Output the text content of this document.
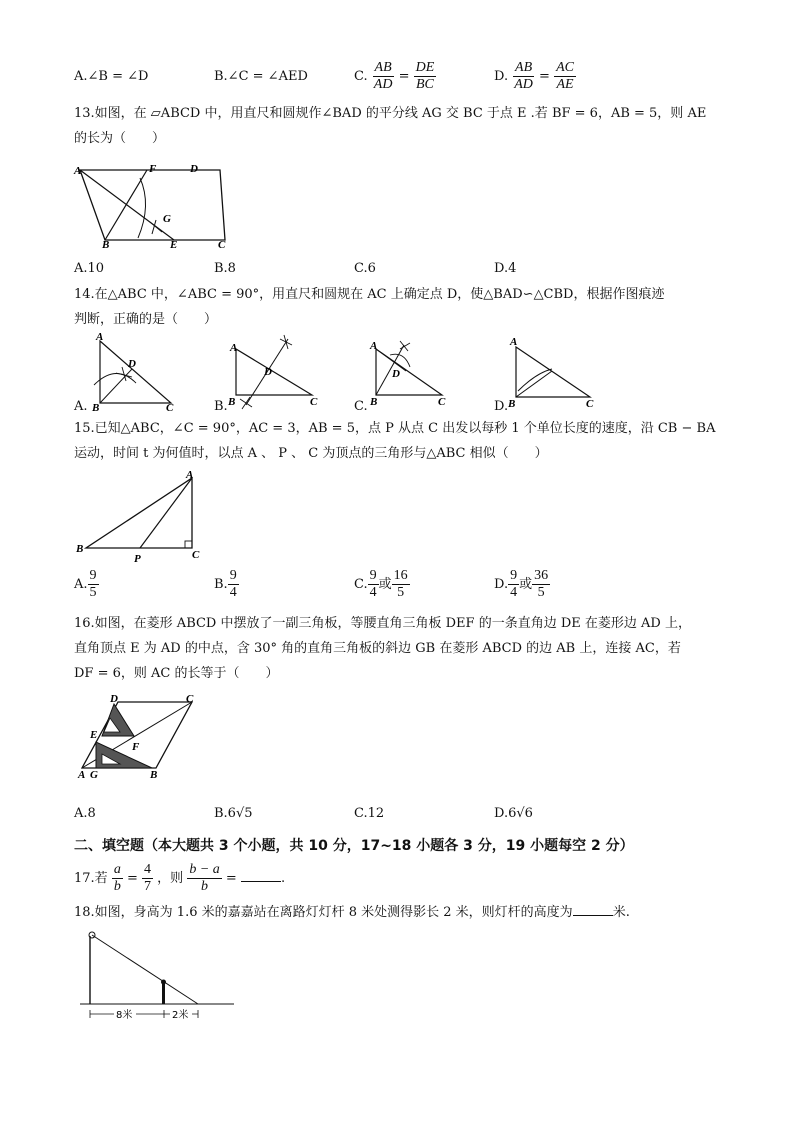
A.∠B = ∠D	B.∠C = ∠AED	C. $\frac{AB}{AD} = \frac{DE}{BC}$	D. $\frac{AB}{AD} = \frac{AC}{AE}$
13.如图，在 ▱ABCD 中，用直尺和圆规作∠BAD 的平分线 AG 交 BC 于点 E .若 BF = 6，AB = 5，则 AE
的长为（　　）
A	F	D
G
B	E	C
A.10	B.8	C.6	D.4
14.在△ABC 中，∠ABC = 90°，用直尺和圆规在 AC 上确定点 D，使△BAD∽△CBD，根据作图痕迹
判断，正确的是（　　）
A
D
B	C
A.
A
D
B	C
B.
A
D
B	C
C.
A
B	C
D.
15.已知△ABC，∠C = 90°，AC = 3，AB = 5，点 P 从点 C 出发以每秒 1 个单位长度的速度，沿 CB − BA
运动，时间 t 为何值时，以点 A 、 P 、 C 为顶点的三角形与△ABC 相似（　　）
A
B
P	C
A. $\frac{9}{5}$	B. $\frac{9}{4}$	C. $\frac{9}{4}$ 或 $\frac{16}{5}$	D. $\frac{9}{4}$ 或 $\frac{36}{5}$
16.如图，在菱形 ABCD 中摆放了一副三角板，等腰直角三角板 DEF 的一条直角边 DE 在菱形边 AD 上，
直角顶点 E 为 AD 的中点，含 30° 角的直角三角板的斜边 GB 在菱形 ABCD 的边 AB 上，连接 AC，若
DF = 6，则 AC 的长等于（　　）
D	C
E
F
A G	B
A.8	B.6√5	C.12	D.6√6
二、填空题（本大题共 3 个小题，共 10 分，17~18 小题各 3 分，19 小题每空 2 分）
17.若 $\frac{a}{b} = \frac{4}{7}$ ，则 $\frac{b - a}{b}$ =	.
18.如图，身高为 1.6 米的嘉嘉站在离路灯灯杆 8 米处测得影长 2 米，则灯杆的高度为	米.
8米	2米
